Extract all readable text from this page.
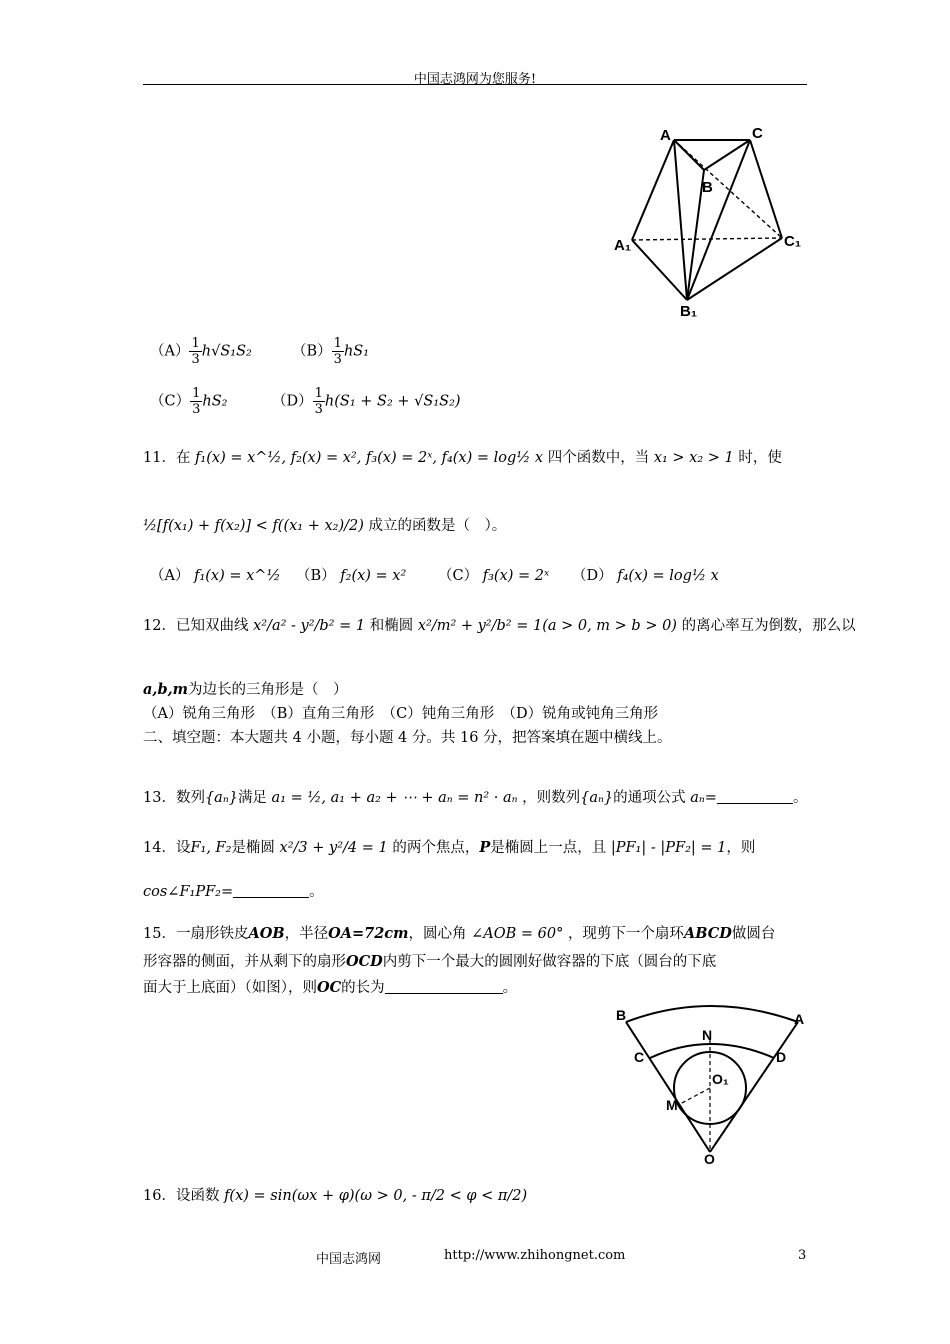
中国志鸿网为您服务!
A	C
B
A₁	C₁
B₁
$(A) \frac{1}{3} h√S_1S_2$	$(B) \frac{1}{3} hS_1$
$(C) \frac{1}{3} hS_2$	$(D) \frac{1}{3} h(S_1 + S_2 + √S_1S_2)$
11．在 f₁(x) = x^½, f₂(x) = x², f₃(x) = 2ˣ, f₄(x) = log½ x 四个函数中，当 x₁ > x₂ > 1 时，使
½[f(x₁) + f(x₂)] < f((x₁ + x₂)/2) 成立的函数是（　）。
（A） f₁(x) = x^½ （B） f₂(x) = x² （C） f₃(x) = 2ˣ （D） f₄(x) = log½ x
12．已知双曲线 x²/a² - y²/b² = 1 和椭圆 x²/m² + y²/b² = 1(a > 0, m > b > 0) 的离心率互为倒数，那么以
a,b,m为边长的三角形是（　）
（A）锐角三角形　（B）直角三角形　（C）钝角三角形　（D）锐角或钝角三角形
二、填空题：本大题共 4 小题，每小题 4 分。共 16 分，把答案填在题中横线上。
13．数列{aₙ}满足 a₁ = ½, a₁ + a₂ + ⋯ + aₙ = n² · aₙ ，则数列{aₙ}的通项公式 aₙ=	。
14．设F₁, F₂是椭圆 x²/3 + y²/4 = 1 的两个焦点，P是椭圆上一点，且 |PF₁| - |PF₂| = 1，则
cos∠F₁PF₂=	。
15．一扇形铁皮AOB，半径OA=72cm，圆心角 ∠AOB = 60° ，现剪下一个扇环ABCD做圆台
形容器的侧面，并从剩下的扇形OCD内剪下一个最大的圆刚好做容器的下底（圆台的下底
面大于上底面）（如图），则OC的长为	。
B	A
N
C	D
O₁
M
O
16．设函数 f(x) = sin(ωx + φ)(ω > 0, - π/2 < φ < π/2)
中国志鸿网	http://www.zhihongnet.com	3
